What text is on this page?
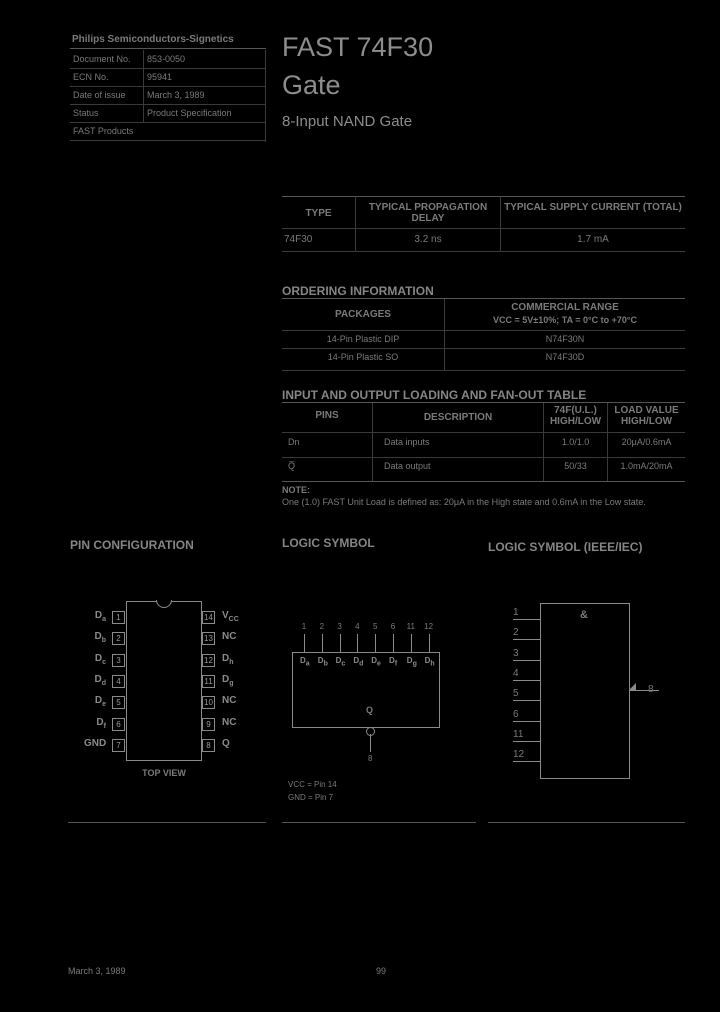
Philips Semiconductors-Signetics
Document No. 853-0050
ECN No.	95941
Date of issue March 3, 1989
Status	Product Specification
FAST Products
FAST 74F30
Gate
8-Input NAND Gate
TYPE
TYPICAL PROPAGATION DELAY
TYPICAL SUPPLY CURRENT (TOTAL)
74F30	3.2 ns	1.7 mA
ORDERING INFORMATION
PACKAGES
COMMERCIAL RANGE
VCC = 5V±10%; TA = 0°C to +70°C
14-Pin Plastic DIP	N74F30N
14-Pin Plastic SO	N74F30D
INPUT AND OUTPUT LOADING AND FAN-OUT TABLE
PINS	DESCRIPTION
74F(U.L.) HIGH/LOW
LOAD VALUE HIGH/LOW
Dn	Data inputs	1.0/1.0	20μA/0.6mA
Q̅	Data output	50/33	1.0mA/20mA
NOTE:
One (1.0) FAST Unit Load is defined as: 20μA in the High state and 0.6mA in the Low state.
PIN CONFIGURATION	LOGIC SYMBOL	LOGIC SYMBOL (IEEE/IEC)
$D_a$	1
$D_b$	2
$D_c$	3
$D_d$	4
$D_e$	5
$D_f$	6
GND	7
14 $V_{CC}$
13 NC
12 $D_h$
11 $D_g$
10 NC
9	NC
8	Q
TOP VIEW
1
$D_a$
2
$D_b$
3
$D_c$
4
$D_d$
5
$D_e$
6
$D_f$
11
$D_g$
12
$D_h$
Q
8
VCC = Pin 14
GND = Pin 7
&
1
2
3
4
5
6
11
12
8
March 3, 1989	99
